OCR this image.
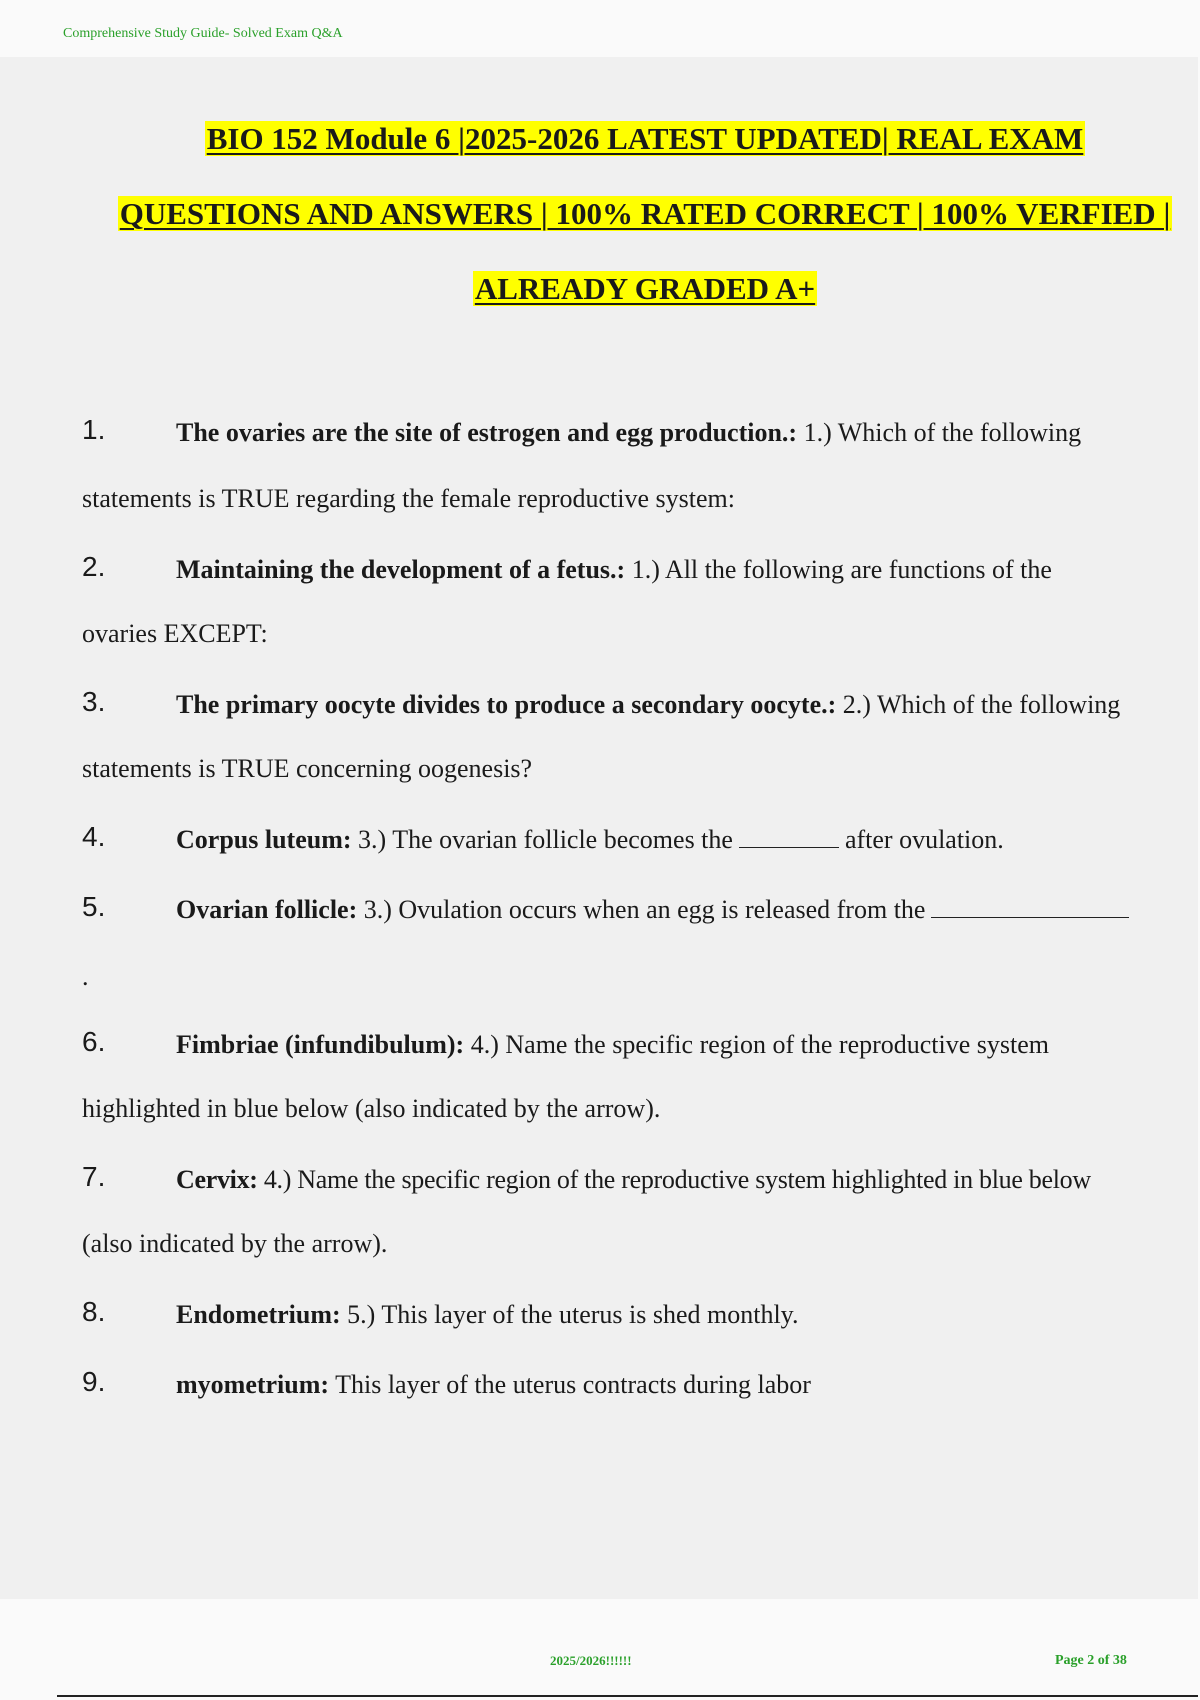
Comprehensive Study Guide- Solved Exam Q&A
BIO 152 Module 6 |2025-2026 LATEST UPDATED| REAL EXAM
QUESTIONS AND ANSWERS | 100% RATED CORRECT | 100% VERFIED |
ALREADY GRADED A+
1.	The ovaries are the site of estrogen and egg production.: 1.) Which of the following
statements is TRUE regarding the female reproductive system:
2.	Maintaining the development of a fetus.: 1.) All the following are functions of the
ovaries EXCEPT:
3.	The primary oocyte divides to produce a secondary oocyte.: 2.) Which of the following
statements is TRUE concerning oogenesis?
4.	Corpus luteum: 3.) The ovarian follicle becomes the	after ovulation.
5.	Ovarian follicle: 3.) Ovulation occurs when an egg is released from the
.
6.	Fimbriae (infundibulum): 4.) Name the specific region of the reproductive system
highlighted in blue below (also indicated by the arrow).
7.	Cervix: 4.) Name the specific region of the reproductive system highlighted in blue below
(also indicated by the arrow).
8.	Endometrium: 5.) This layer of the uterus is shed monthly.
9.	myometrium: This layer of the uterus contracts during labor
2025/2026!!!!!!	Page 2 of 38
